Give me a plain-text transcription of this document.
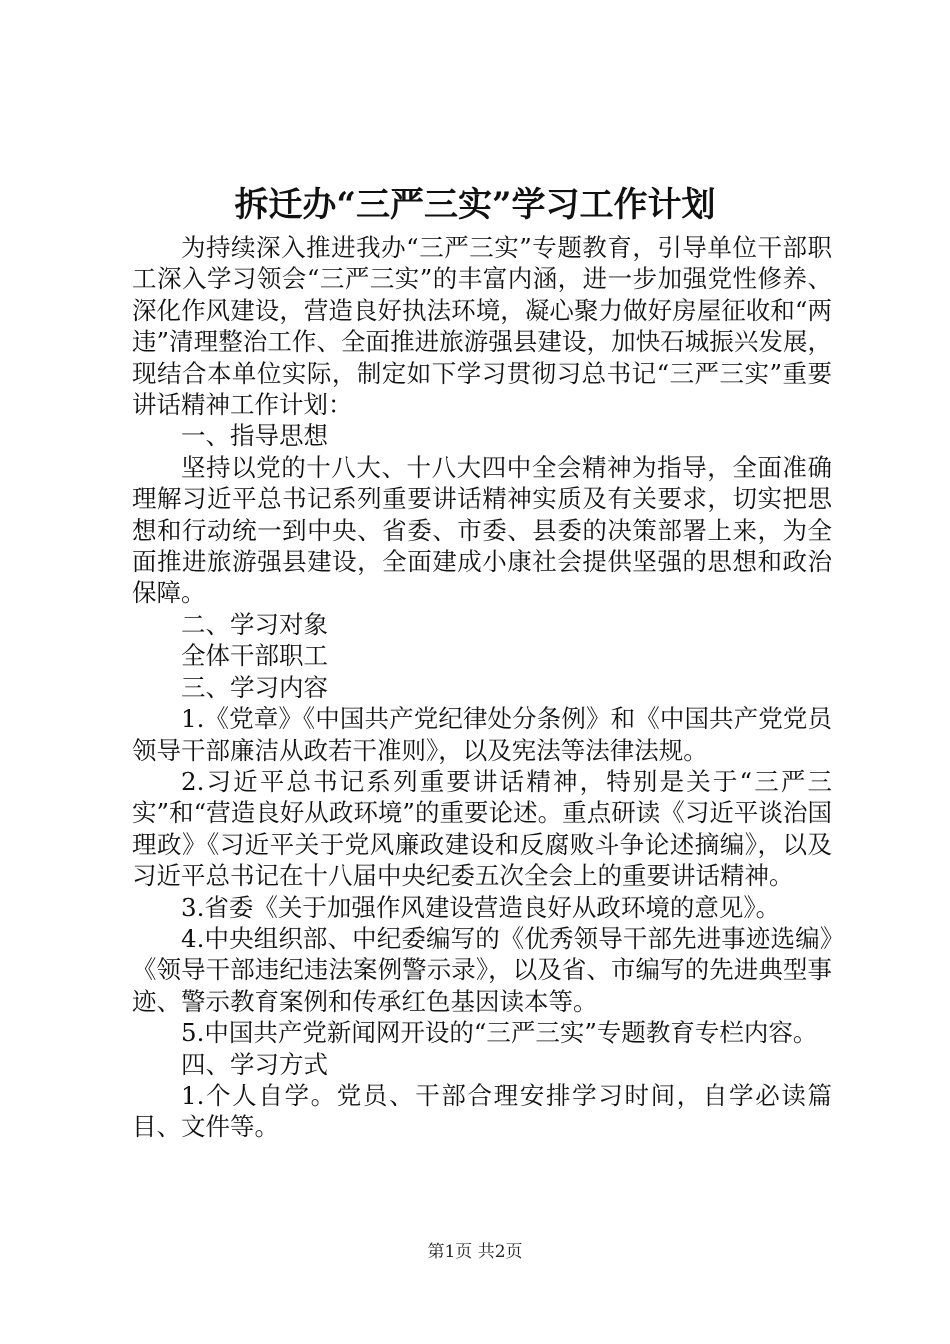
拆迁办“三严三实”学习工作计划

为持续深入推进我办“三严三实”专题教育，引导单位干部职工深入学习领会“三严三实”的丰富内涵，进一步加强党性修养、深化作风建设，营造良好执法环境，凝心聚力做好房屋征收和“两违”清理整治工作、全面推进旅游强县建设，加快石城振兴发展，现结合本单位实际，制定如下学习贯彻习总书记“三严三实”重要讲话精神工作计划：

一、指导思想

坚持以党的十八大、十八大四中全会精神为指导，全面准确理解习近平总书记系列重要讲话精神实质及有关要求，切实把思想和行动统一到中央、省委、市委、县委的决策部署上来，为全面推进旅游强县建设，全面建成小康社会提供坚强的思想和政治保障。

二、学习对象

全体干部职工

三、学习内容

1.《党章》《中国共产党纪律处分条例》和《中国共产党党员领导干部廉洁从政若干准则》，以及宪法等法律法规。

2.习近平总书记系列重要讲话精神，特别是关于“三严三实”和“营造良好从政环境”的重要论述。重点研读《习近平谈治国理政》《习近平关于党风廉政建设和反腐败斗争论述摘编》，以及习近平总书记在十八届中央纪委五次全会上的重要讲话精神。

3.省委《关于加强作风建设营造良好从政环境的意见》。

4.中央组织部、中纪委编写的《优秀领导干部先进事迹选编》《领导干部违纪违法案例警示录》，以及省、市编写的先进典型事迹、警示教育案例和传承红色基因读本等。

5.中国共产党新闻网开设的“三严三实”专题教育专栏内容。

四、学习方式

1.个人自学。党员、干部合理安排学习时间，自学必读篇目、文件等。

第1页 共2页
